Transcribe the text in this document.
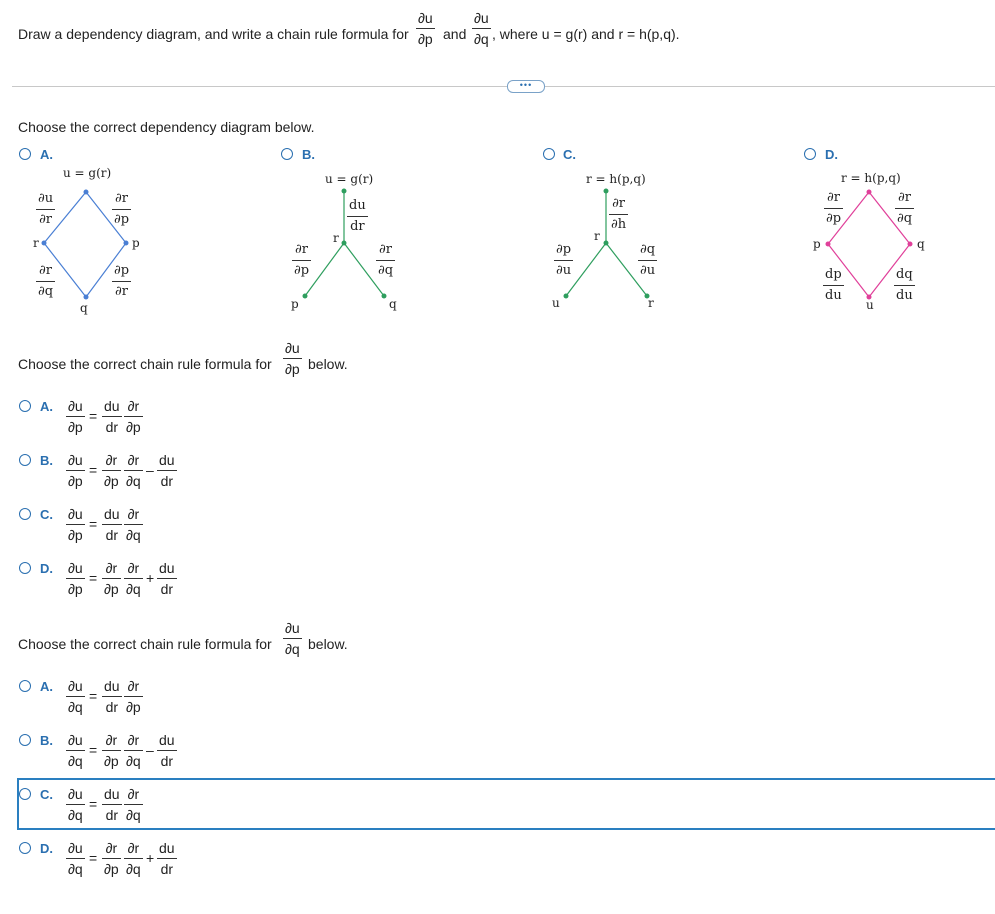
Draw a dependency diagram, and write a chain rule formula for
∂u
∂p and
∂u
∂q , where u = g(r) and r = h(p,q).
•••
Choose the correct dependency diagram below.
A.
u = g(r)
r	p
q
∂u
∂r
∂r
∂p
∂r
∂q
∂p
∂r
B.
u = g(r)
r
p	q
du
dr
∂r
∂p
∂r
∂q
C.
r = h(p,q)
r
u	r
∂r
∂h
∂p
∂u
∂q
∂u
D.
r = h(p,q)
p	q
u
∂r
∂p
∂r
∂q
dp
du
dq
du
Choose the correct chain rule formula for
∂u
∂p below.
A. ∂u
∂p
=
du
dr
∂r
∂p
B. ∂u
∂p
=
∂r
∂p
∂r
∂q
–
du
dr
C. ∂u
∂p
=
du
dr
∂r
∂q
D. ∂u
∂p
=
∂r
∂p
∂r
∂q
+
du
dr
Choose the correct chain rule formula for
∂u
∂q below.
A. ∂u
∂q
=
du
dr
∂r
∂p
B. ∂u
∂q
=
∂r
∂p
∂r
∂q
–
du
dr
C. ∂u
∂q
=
du
dr
∂r
∂q
D. ∂u
∂q
=
∂r
∂p
∂r
∂q
+
du
dr
